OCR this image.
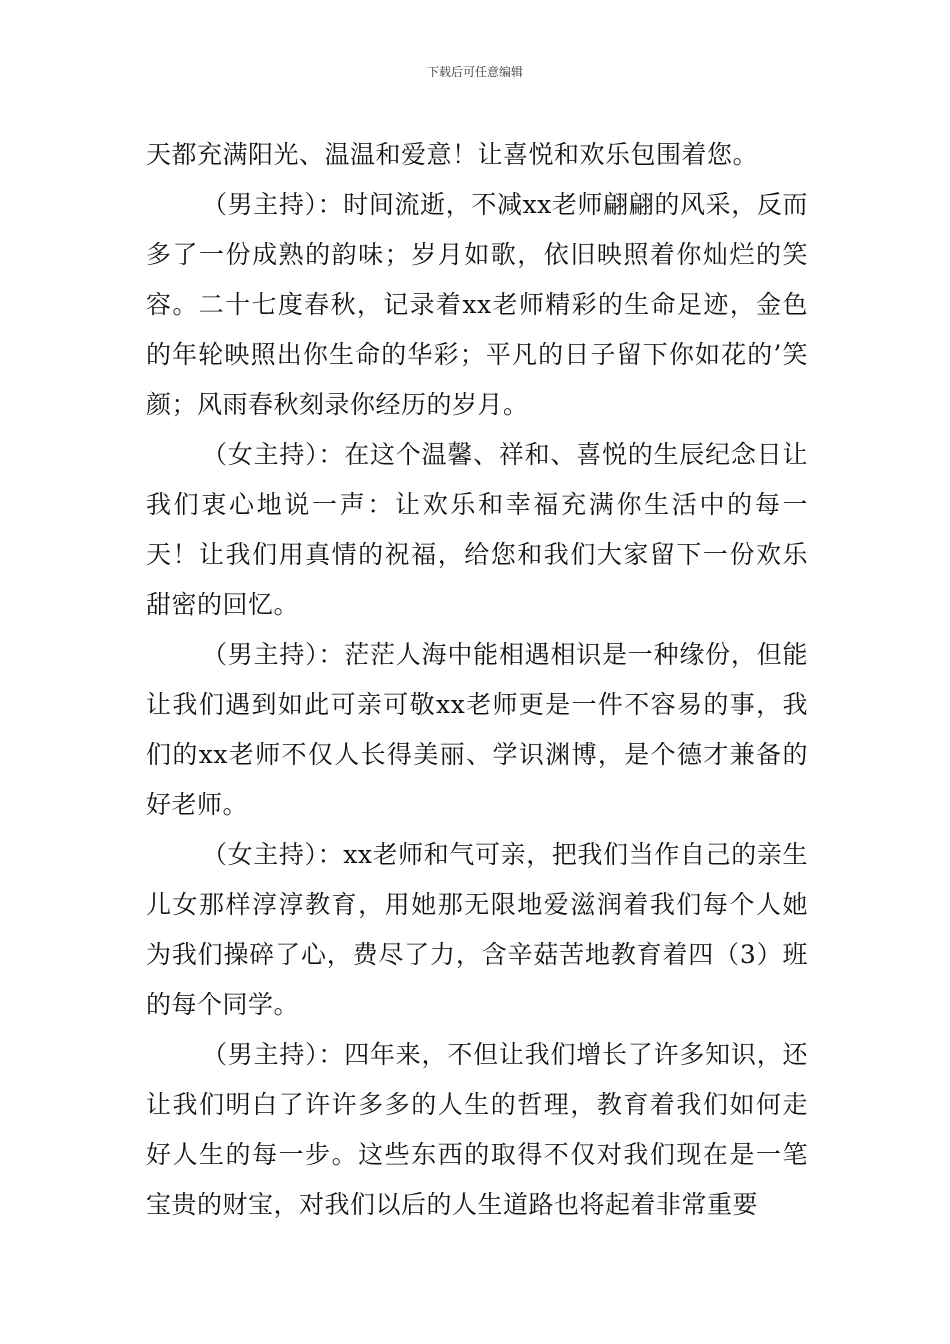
下载后可任意编辑

天都充满阳光、温温和爱意！让喜悦和欢乐包围着您。

（男主持）：时间流逝，不减xx老师翩翩的风采，反而多了一份成熟的韵味；岁月如歌，依旧映照着你灿烂的笑容。二十七度春秋，记录着xx老师精彩的生命足迹，金色的年轮映照出你生命的华彩；平凡的日子留下你如花的’笑颜；风雨春秋刻录你经历的岁月。

（女主持）：在这个温馨、祥和、喜悦的生辰纪念日让我们衷心地说一声：让欢乐和幸福充满你生活中的每一天！让我们用真情的祝福，给您和我们大家留下一份欢乐甜密的回忆。

（男主持）：茫茫人海中能相遇相识是一种缘份，但能让我们遇到如此可亲可敬xx老师更是一件不容易的事，我们的xx老师不仅人长得美丽、学识渊博，是个德才兼备的好老师。

（女主持）：xx老师和气可亲，把我们当作自己的亲生儿女那样淳淳教育，用她那无限地爱滋润着我们每个人她为我们操碎了心，费尽了力，含辛菇苦地教育着四（3）班的每个同学。

（男主持）：四年来，不但让我们增长了许多知识，还让我们明白了许许多多的人生的哲理，教育着我们如何走好人生的每一步。这些东西的取得不仅对我们现在是一笔宝贵的财宝，对我们以后的人生道路也将起着非常重要
